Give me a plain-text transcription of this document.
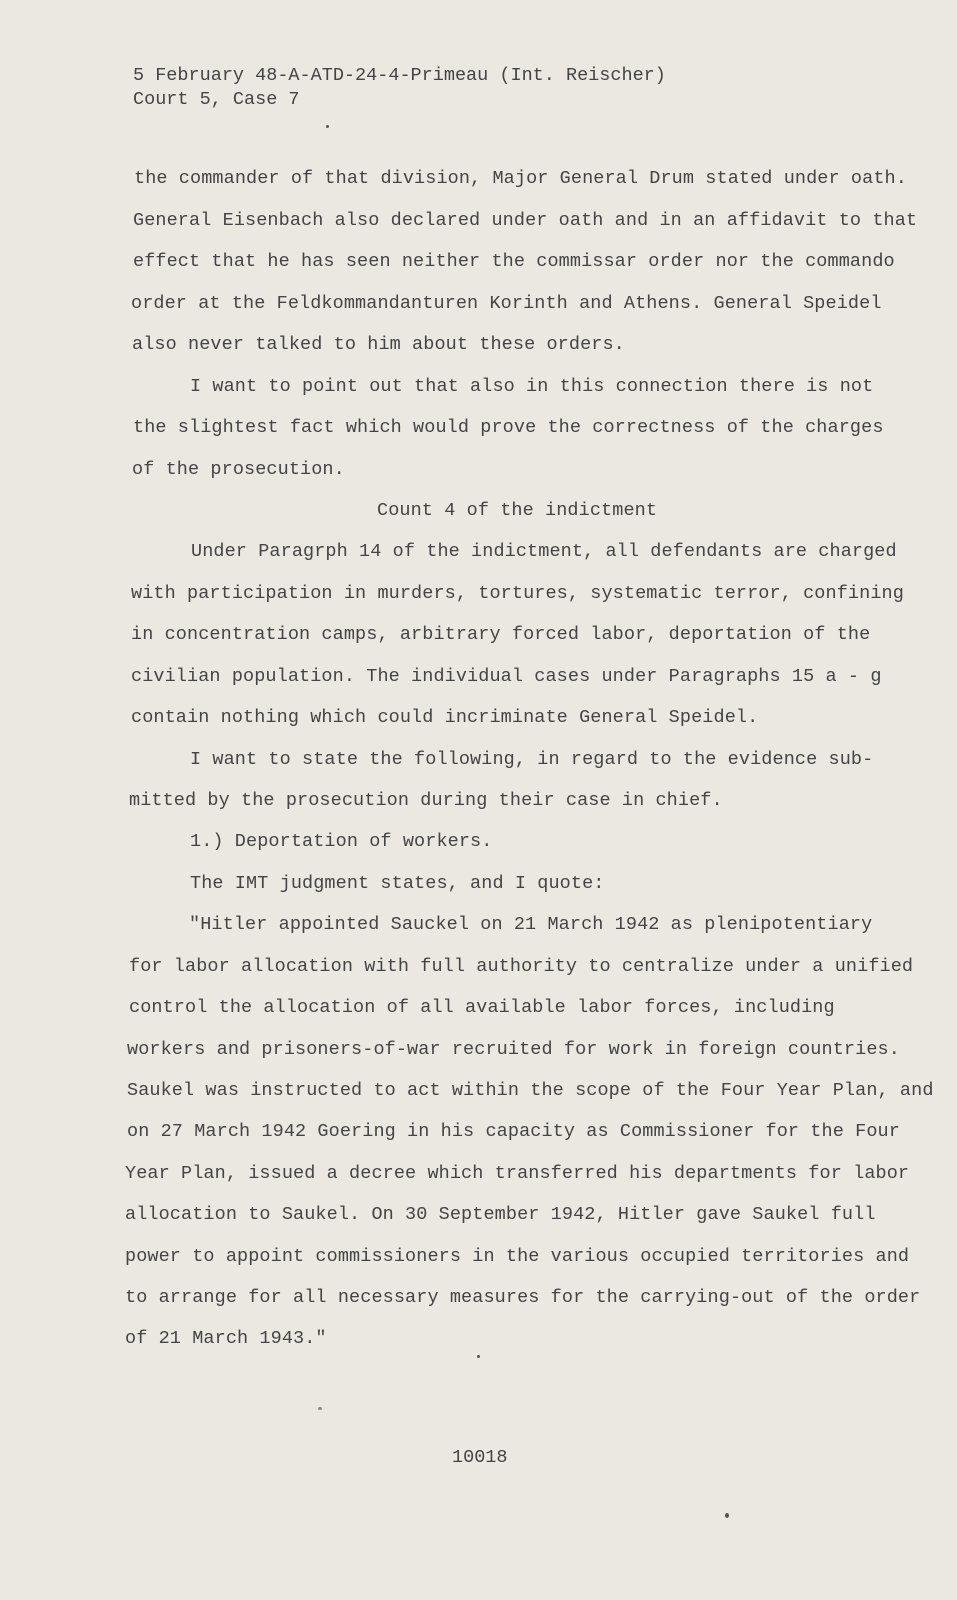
5 February 48-A-ATD-24-4-Primeau (Int. Reischer)
Court 5, Case 7
the commander of that division, Major General Drum stated under oath.
General Eisenbach also declared under oath and in an affidavit to that
effect that he has seen neither the commissar order nor the commando
order at the Feldkommandanturen Korinth and Athens. General Speidel
also never talked to him about these orders.
I want to point out that also in this connection there is not
the slightest fact which would prove the correctness of the charges
of the prosecution.
Count 4 of the indictment
Under Paragrph 14 of the indictment, all defendants are charged
with participation in murders, tortures, systematic terror, confining
in concentration camps, arbitrary forced labor, deportation of the
civilian population. The individual cases under Paragraphs 15 a - g
contain nothing which could incriminate General Speidel.
I want to state the following, in regard to the evidence sub-
mitted by the prosecution during their case in chief.
1.) Deportation of workers.
The IMT judgment states, and I quote:
"Hitler appointed Sauckel on 21 March 1942 as plenipotentiary
for labor allocation with full authority to centralize under a unified
control the allocation of all available labor forces, including
workers and prisoners-of-war recruited for work in foreign countries.
Saukel was instructed to act within the scope of the Four Year Plan, and
on 27 March 1942 Goering in his capacity as Commissioner for the Four
Year Plan, issued a decree which transferred his departments for labor
allocation to Saukel. On 30 September 1942, Hitler gave Saukel full
power to appoint commissioners in the various occupied territories and
to arrange for all necessary measures for the carrying-out of the order
of 21 March 1943."
10018
